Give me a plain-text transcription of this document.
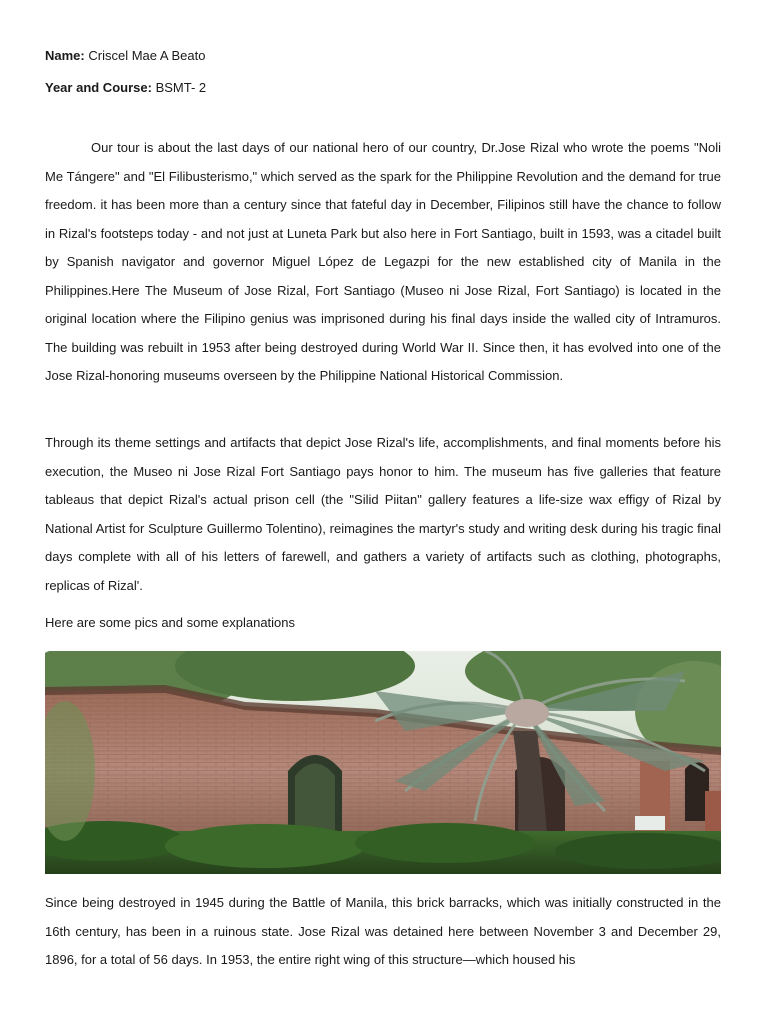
Name: Criscel Mae A Beato
Year and Course: BSMT- 2

Our tour is about the last days of our national hero of our country, Dr.Jose Rizal who wrote the poems "Noli Me Tángere" and "El Filibusterismo," which served as the spark for the Philippine Revolution and the demand for true freedom. it has been more than a century since that fateful day in December, Filipinos still have the chance to follow in Rizal's footsteps today - and not just at Luneta Park but also here in Fort Santiago, built in 1593, was a citadel built by Spanish navigator and governor Miguel López de Legazpi for the new established city of Manila in the Philippines.Here The Museum of Jose Rizal, Fort Santiago (Museo ni Jose Rizal, Fort Santiago) is located in the original location where the Filipino genius was imprisoned during his final days inside the walled city of Intramuros. The building was rebuilt in 1953 after being destroyed during World War II. Since then, it has evolved into one of the Jose Rizal-honoring museums overseen by the Philippine National Historical Commission.

Through its theme settings and artifacts that depict Jose Rizal's life, accomplishments, and final moments before his execution, the Museo ni Jose Rizal Fort Santiago pays honor to him. The museum has five galleries that feature tableaus that depict Rizal's actual prison cell (the "Silid Piitan" gallery features a life-size wax effigy of Rizal by National Artist for Sculpture Guillermo Tolentino), reimagines the martyr's study and writing desk during his tragic final days complete with all of his letters of farewell, and gathers a variety of artifacts such as clothing, photographs, replicas of Rizal'.

Here are some pics and some explanations

Since being destroyed in 1945 during the Battle of Manila, this brick barracks, which was initially constructed in the 16th century, has been in a ruinous state. Jose Rizal was detained here between November 3 and December 29, 1896, for a total of 56 days. In 1953, the entire right wing of this structure—which housed his
